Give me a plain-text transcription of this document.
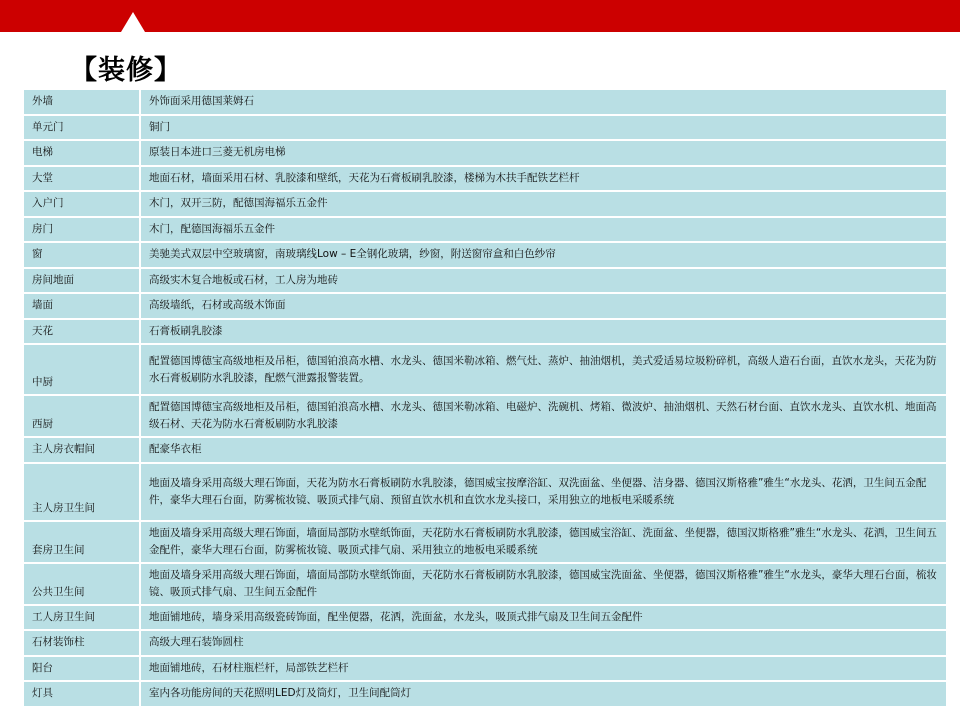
【装修】
外墙	外饰面采用德国莱姆石

单元门	铜门

电梯	原装日本进口三菱无机房电梯

大堂	地面石材，墙面采用石材、乳胶漆和壁纸，天花为石膏板刷乳胶漆，楼梯为木扶手配铁艺栏杆

入户门	木门，双开三防，配德国海福乐五金件

房门	木门，配德国海福乐五金件

窗	美驰美式双层中空玻璃窗，南玻璃线Low – E全钢化玻璃，纱窗，附送窗帘盒和白色纱帘

房间地面	高级实木复合地板或石材，工人房为地砖

墙面	高级墙纸，石材或高级木饰面

天花	石膏板刷乳胶漆

中厨	配置德国博德宝高级地柜及吊柜，德国铂浪高水槽、水龙头、德国米勒冰箱、燃气灶、蒸炉、抽油烟机，美式爱适易垃圾粉碎机，高级人造石台面，直饮水龙头，天花为防水石膏板刷防水乳胶漆，配燃气泄露报警装置。

西厨	配置德国博德宝高级地柜及吊柜，德国铂浪高水槽、水龙头、德国米勒冰箱、电磁炉、洗碗机、烤箱、微波炉、抽油烟机、天然石材台面、直饮水龙头、直饮水机、地面高级石材、天花为防水石膏板刷防水乳胶漆

主人房衣帽间	配豪华衣柜

主人房卫生间	地面及墙身采用高级大理石饰面，天花为防水石膏板刷防水乳胶漆，德国威宝按摩浴缸、双洗面盆、坐便器、洁身器、德国汉斯格雅”雅生“水龙头、花洒，卫生间五金配件，豪华大理石台面，防雾梳妆镜、吸顶式排气扇、预留直饮水机和直饮水龙头接口，采用独立的地板电采暖系统

套房卫生间	地面及墙身采用高级大理石饰面，墙面局部防水壁纸饰面，天花防水石膏板刷防水乳胶漆，德国威宝浴缸、洗面盆、坐便器，德国汉斯格雅”雅生“水龙头、花洒，卫生间五金配件，豪华大理石台面，防雾梳妆镜、吸顶式排气扇、采用独立的地板电采暖系统

公共卫生间	地面及墙身采用高级大理石饰面，墙面局部防水壁纸饰面，天花防水石膏板刷防水乳胶漆，德国威宝洗面盆、坐便器，德国汉斯格雅”雅生“水龙头，豪华大理石台面，梳妆镜、吸顶式排气扇、卫生间五金配件

工人房卫生间	地面铺地砖，墙身采用高级瓷砖饰面，配坐便器，花洒，洗面盆，水龙头，吸顶式排气扇及卫生间五金配件

石材装饰柱	高级大理石装饰圆柱

阳台	地面铺地砖，石材柱瓶栏杆，局部铁艺栏杆

灯具	室内各功能房间的天花照明LED灯及筒灯，卫生间配筒灯
